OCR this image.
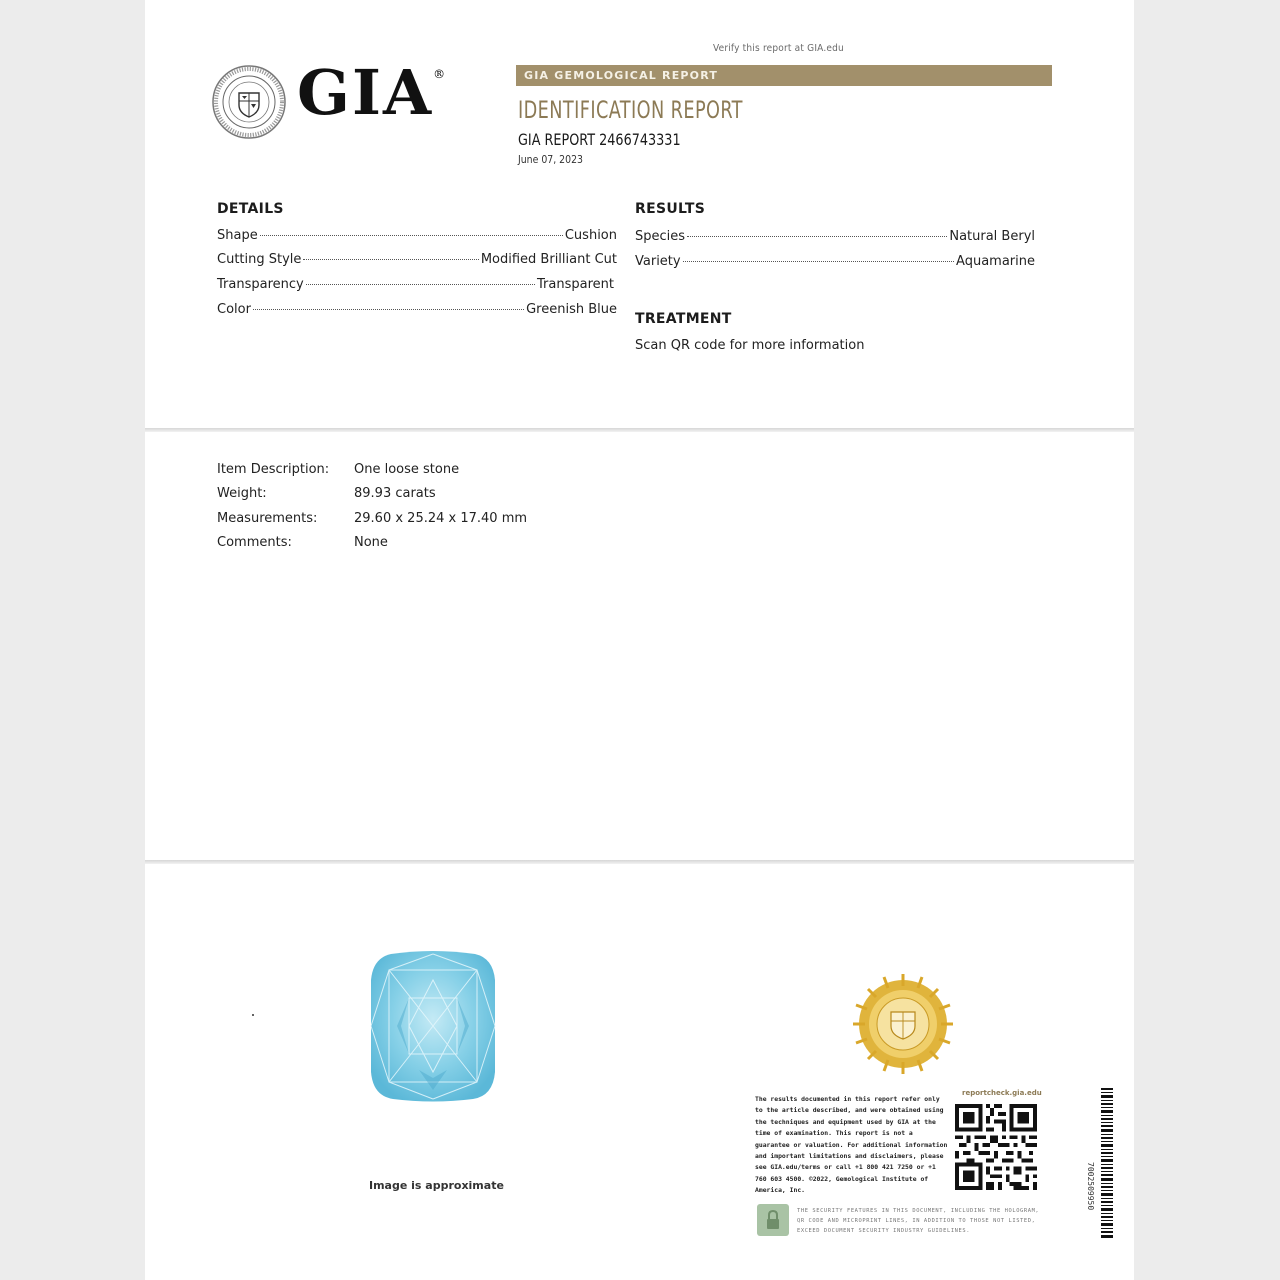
Verify this report at GIA.edu
GIA®	GIA GEMOLOGICAL REPORT
IDENTIFICATION REPORT
GIA REPORT 2466743331
June 07, 2023
DETAILS
Shape	Cushion
Cutting Style	Modified Brilliant Cut
Transparency	Transparent
Color	Greenish Blue
RESULTS
Species	Natural Beryl
Variety	Aquamarine
TREATMENT
Scan QR code for more information
Item Description: One loose stone
Weight:	89.93 carats
Measurements:	29.60 x 25.24 x 17.40 mm
Comments:	None
Image is approximate
The results documented in this report refer only to the article described, and were obtained using the techniques and equipment used by GIA at the time of examination. This report is not a guarantee or valuation. For additional information and important limitations and disclaimers, please see GIA.edu/terms or call +1 800 421 7250 or +1 760 603 4500. ©2022, Gemological Institute of America, Inc.
reportcheck.gia.edu
THE SECURITY FEATURES IN THIS DOCUMENT, INCLUDING THE HOLOGRAM, QR CODE AND MICROPRINT LINES, IN ADDITION TO THOSE NOT LISTED, EXCEED DOCUMENT SECURITY INDUSTRY GUIDELINES.
7002509950
